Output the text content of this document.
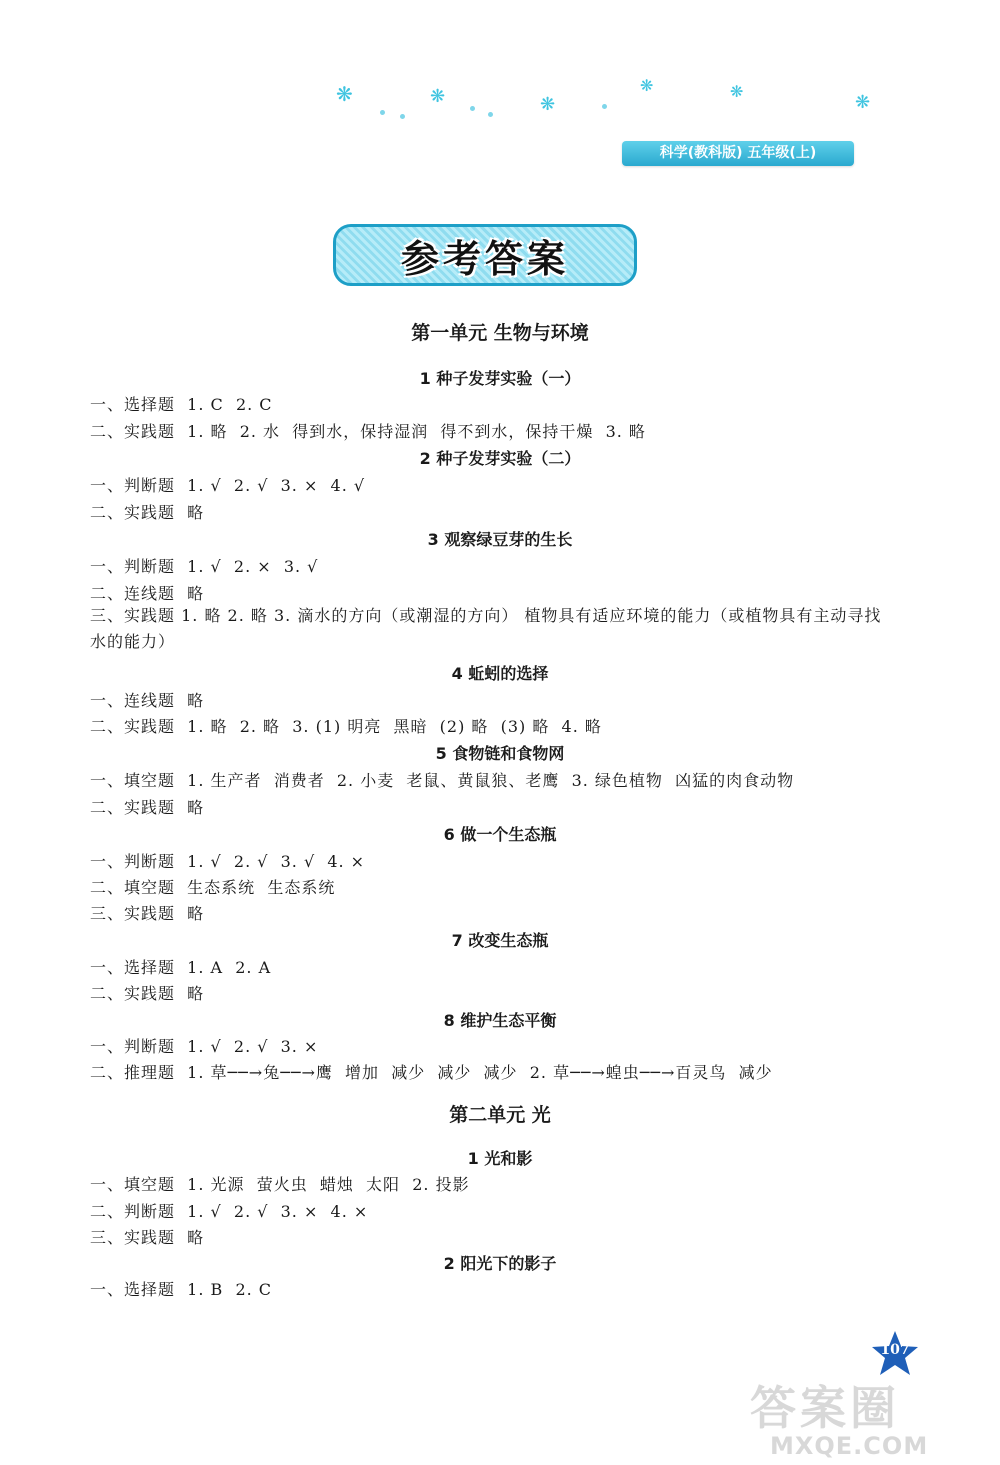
❋	❋	❋
❋	❋
❋
科学(教科版) 五年级(上)
参考答案
第一单元 生物与环境
1 种子发芽实验（一）
一、选择题  1. C  2. C
二、实践题  1. 略  2. 水  得到水，保持湿润  得不到水，保持干燥  3. 略
2 种子发芽实验（二）
一、判断题  1. √  2. √  3. ×  4. √
二、实践题  略
3 观察绿豆芽的生长
一、判断题  1. √  2. ×  3. √
二、连线题  略
三、实践题 1. 略 2. 略 3. 滴水的方向（或潮湿的方向） 植物具有适应环境的能力（或植物具有主动寻找水的能力）
4 蚯蚓的选择
一、连线题  略
二、实践题  1. 略  2. 略  3. (1) 明亮  黑暗  (2) 略  (3) 略  4. 略
5 食物链和食物网
一、填空题  1. 生产者  消费者  2. 小麦  老鼠、黄鼠狼、老鹰  3. 绿色植物  凶猛的肉食动物
二、实践题  略
6 做一个生态瓶
一、判断题  1. √  2. √  3. √  4. ×
二、填空题  生态系统  生态系统
三、实践题  略
7 改变生态瓶
一、选择题  1. A  2. A
二、实践题  略
8 维护生态平衡
一、判断题  1. √  2. √  3. ×
二、推理题  1. 草──→兔──→鹰  增加  减少  减少  减少  2. 草──→蝗虫──→百灵鸟  减少
第二单元 光
1 光和影
一、填空题  1. 光源  萤火虫  蜡烛  太阳  2. 投影
二、判断题  1. √  2. √  3. ×  4. ×
三、实践题  略
2 阳光下的影子
一、选择题  1. B  2. C
107
答案圈
MXQE.COM
